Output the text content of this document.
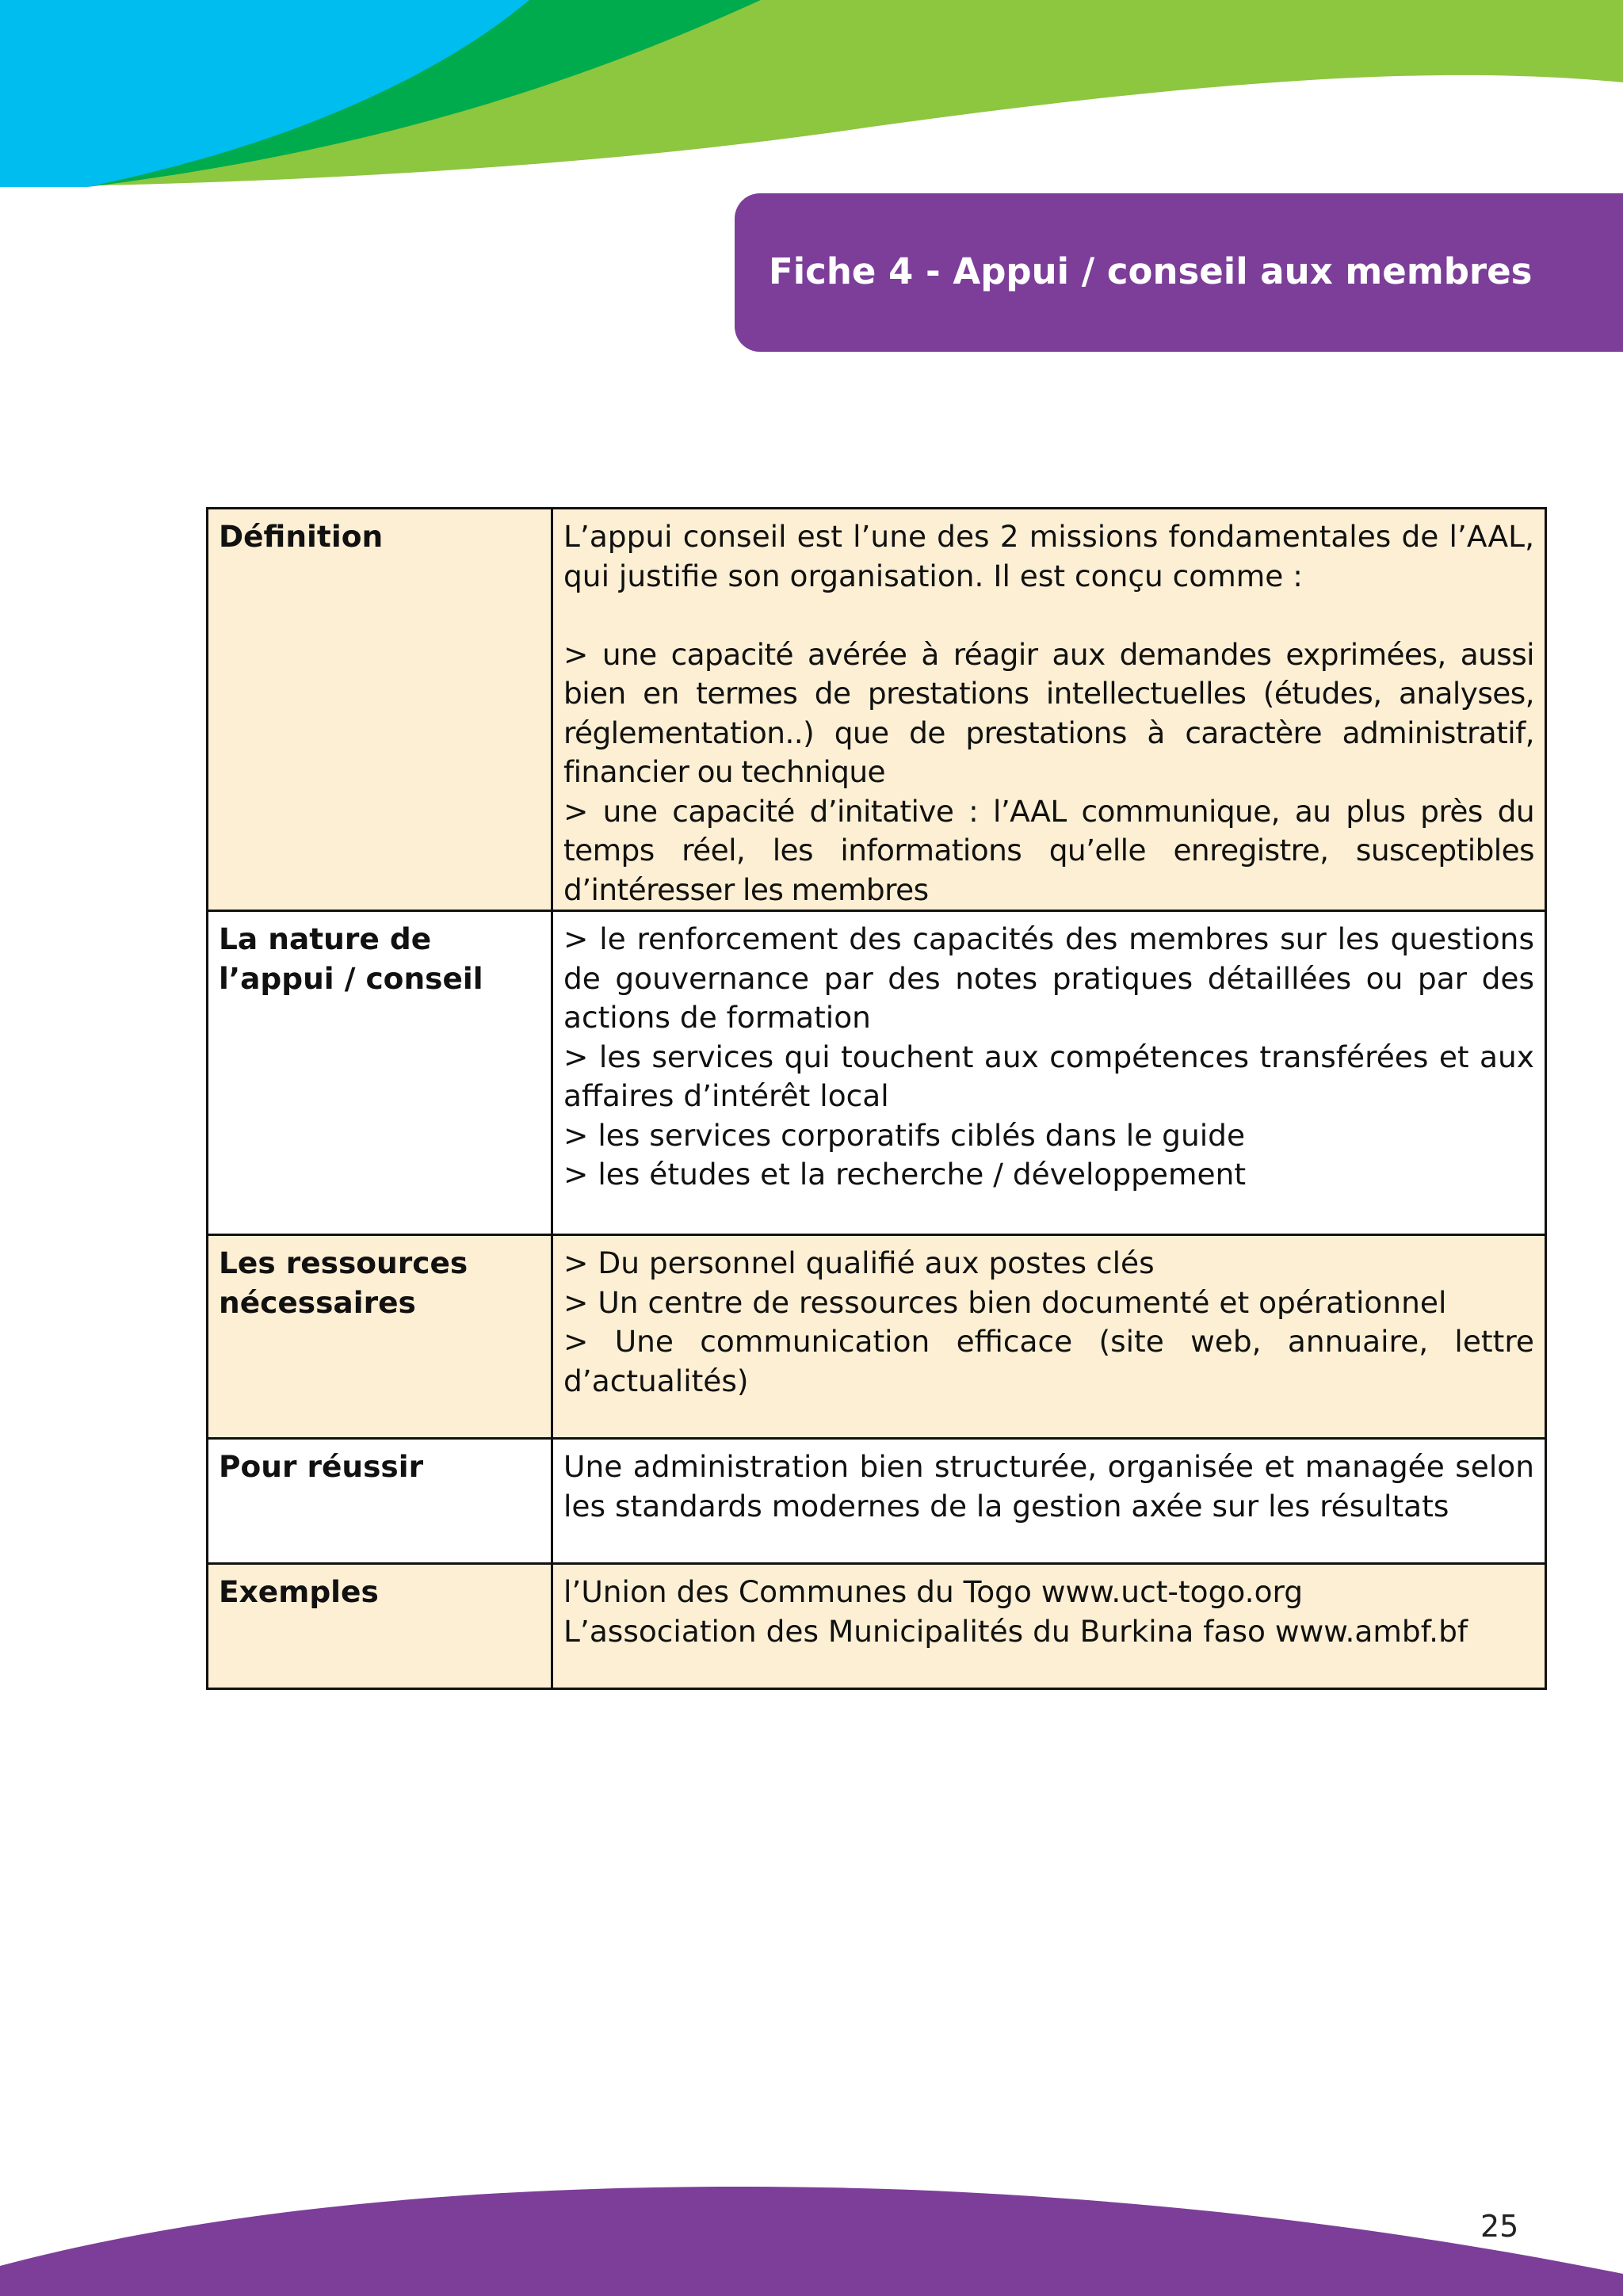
Fiche 4 - Appui / conseil aux membres
Définition	L’appui conseil est l’une des 2 missions fondamentales de l’AAL, qui justifie son organisation. Il est conçu comme :
> une capacité avérée à réagir aux demandes exprimées, aussi bien en termes de prestations intellectuelles (études, analyses, réglementation..) que de prestations à caractère administratif, financier ou technique
> une capacité d’initative : l’AAL communique, au plus près du temps réel, les informations qu’elle enregistre, susceptibles d’intéresser les membres

La nature de l’appui / conseil	> le renforcement des capacités des membres sur les questions de gouvernance par des notes pratiques détaillées ou par des actions de formation
> les services qui touchent aux compétences transférées et aux affaires d’intérêt local
> les services corporatifs ciblés dans le guide
> les études et la recherche / développement

Les ressources nécessaires	> Du personnel qualifié aux postes clés
> Un centre de ressources bien documenté et opérationnel
> Une communication efficace (site web, annuaire, lettre d’actualités)

Pour réussir	Une administration bien structurée, organisée et managée selon les standards modernes de la gestion axée sur les résultats

Exemples	l’Union des Communes du Togo www.uct-togo.org
L’association des Municipalités du Burkina faso www.ambf.bf
25
